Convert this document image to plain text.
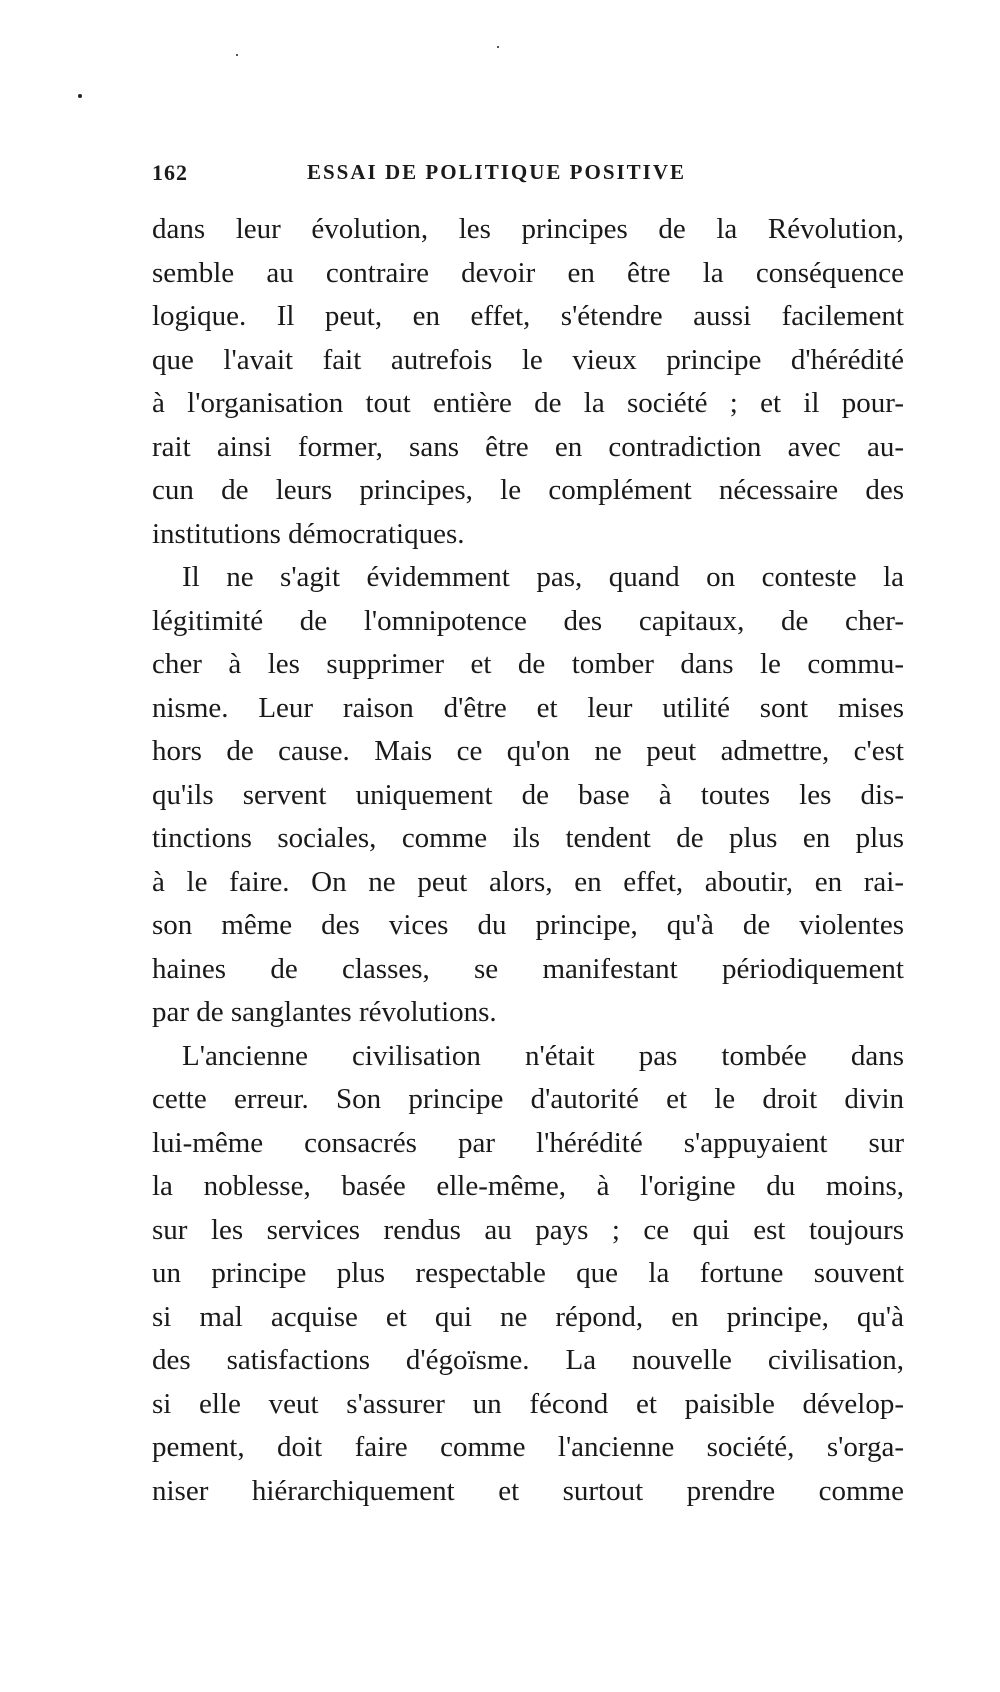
162	ESSAI DE POLITIQUE POSITIVE
dans leur évolution, les principes de la Révolution,
semble au contraire devoir en être la conséquence
logique. Il peut, en effet, s'étendre aussi facilement
que l'avait fait autrefois le vieux principe d'hérédité
à l'organisation tout entière de la société ; et il pour-
rait ainsi former, sans être en contradiction avec au-
cun de leurs principes, le complément nécessaire des
institutions démocratiques.
Il ne s'agit évidemment pas, quand on conteste la
légitimité de l'omnipotence des capitaux, de cher-
cher à les supprimer et de tomber dans le commu-
nisme. Leur raison d'être et leur utilité sont mises
hors de cause. Mais ce qu'on ne peut admettre, c'est
qu'ils servent uniquement de base à toutes les dis-
tinctions sociales, comme ils tendent de plus en plus
à le faire. On ne peut alors, en effet, aboutir, en rai-
son même des vices du principe, qu'à de violentes
haines de classes, se manifestant périodiquement
par de sanglantes révolutions.
L'ancienne civilisation n'était pas tombée dans
cette erreur. Son principe d'autorité et le droit divin
lui-même consacrés par l'hérédité s'appuyaient sur
la noblesse, basée elle-même, à l'origine du moins,
sur les services rendus au pays ; ce qui est toujours
un principe plus respectable que la fortune souvent
si mal acquise et qui ne répond, en principe, qu'à
des satisfactions d'égoïsme. La nouvelle civilisation,
si elle veut s'assurer un fécond et paisible dévelop-
pement, doit faire comme l'ancienne société, s'orga-
niser hiérarchiquement et surtout prendre comme
